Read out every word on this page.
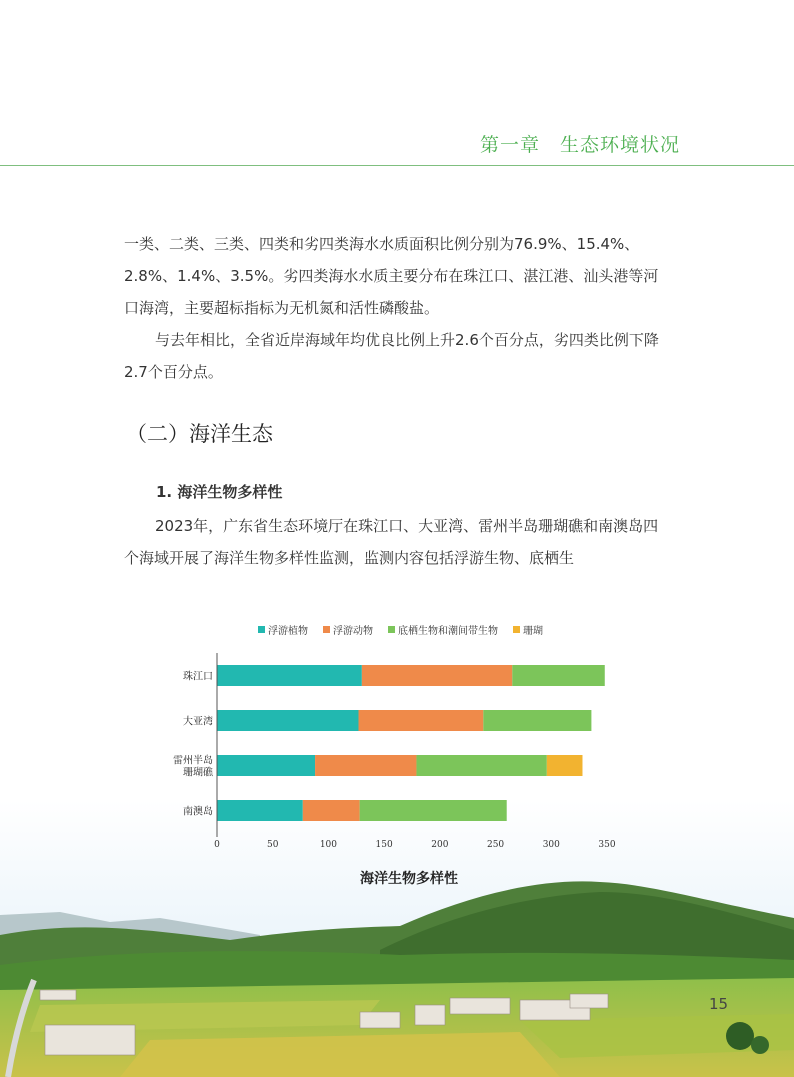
第一章　生态环境状况

一类、二类、三类、四类和劣四类海水水质面积比例分别为76.9%、15.4%、2.8%、1.4%、3.5%。劣四类海水水质主要分布在珠江口、湛江港、汕头港等河口海湾，主要超标指标为无机氮和活性磷酸盐。

与去年相比，全省近岸海域年均优良比例上升2.6个百分点，劣四类比例下降2.7个百分点。

（二）海洋生态
1. 海洋生物多样性

2023年，广东省生态环境厅在珠江口、大亚湾、雷州半岛珊瑚礁和南澳岛四个海域开展了海洋生物多样性监测，监测内容包括浮游生物、底栖生

浮游植物	浮游动物	底栖生物和潮间带生物	珊瑚
珠江口
大亚湾
雷州半岛珊瑚礁
南澳岛
0	50	100	150	200	250	300	350
海洋生物多样性
15
